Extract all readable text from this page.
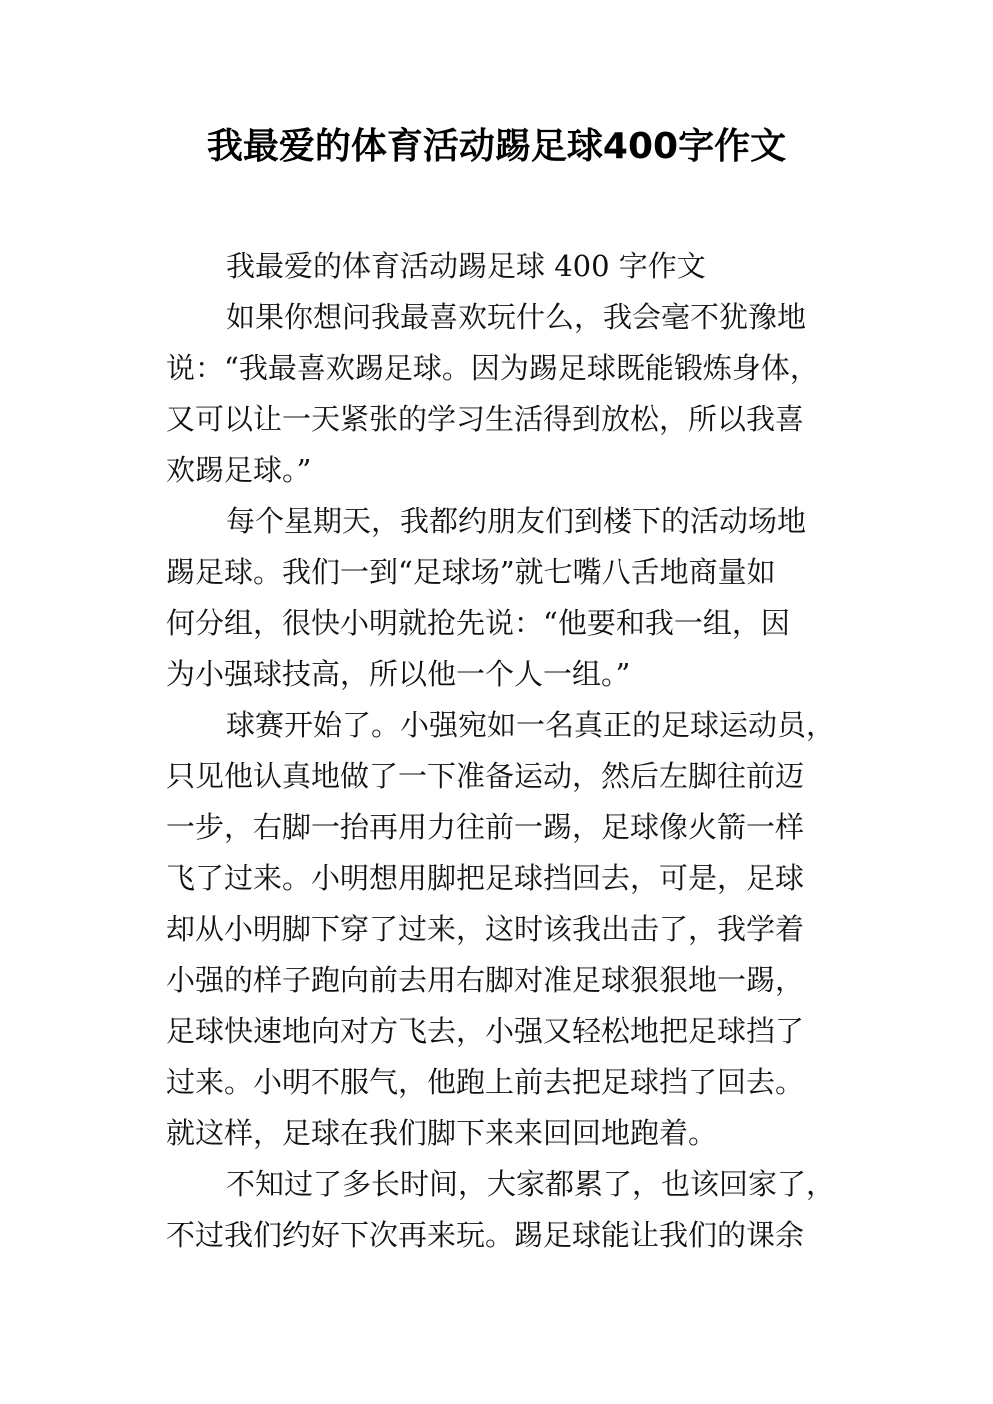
我最爱的体育活动踢足球400字作文
我最爱的体育活动踢足球 400 字作文
如果你想问我最喜欢玩什么，我会毫不犹豫地
说：“我最喜欢踢足球。因为踢足球既能锻炼身体，
又可以让一天紧张的学习生活得到放松，所以我喜
欢踢足球。”
每个星期天，我都约朋友们到楼下的活动场地
踢足球。我们一到“足球场”就七嘴八舌地商量如
何分组，很快小明就抢先说：“他要和我一组，因
为小强球技高，所以他一个人一组。”
球赛开始了。小强宛如一名真正的足球运动员，
只见他认真地做了一下准备运动，然后左脚往前迈
一步，右脚一抬再用力往前一踢，足球像火箭一样
飞了过来。小明想用脚把足球挡回去，可是，足球
却从小明脚下穿了过来，这时该我出击了，我学着
小强的样子跑向前去用右脚对准足球狠狠地一踢，
足球快速地向对方飞去，小强又轻松地把足球挡了
过来。小明不服气，他跑上前去把足球挡了回去。
就这样，足球在我们脚下来来回回地跑着。
不知过了多长时间，大家都累了，也该回家了，
不过我们约好下次再来玩。踢足球能让我们的课余
